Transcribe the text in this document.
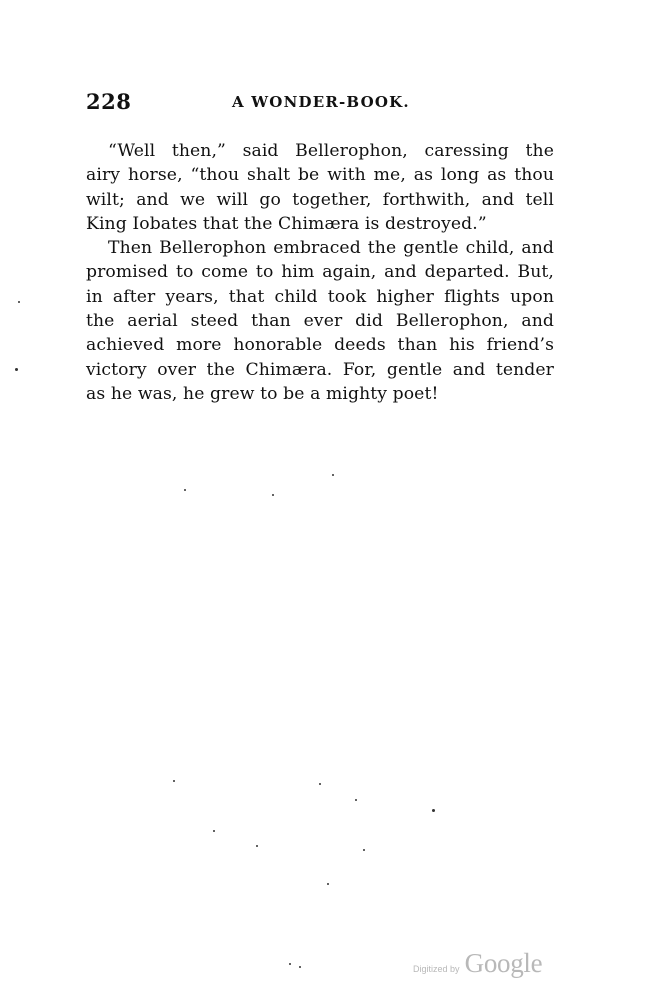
228	A WONDER-BOOK.
“Well then,” said Bellerophon, caressing the
airy horse, “thou shalt be with me, as long as thou
wilt; and we will go together, forthwith, and tell
King Iobates that the Chimæra is destroyed.”
Then Bellerophon embraced the gentle child, and
promised to come to him again, and departed. But,
in after years, that child took higher flights upon
the aerial steed than ever did Bellerophon, and
achieved more honorable deeds than his friend’s
victory over the Chimæra. For, gentle and tender
as he was, he grew to be a mighty poet!
Digitized by Google
